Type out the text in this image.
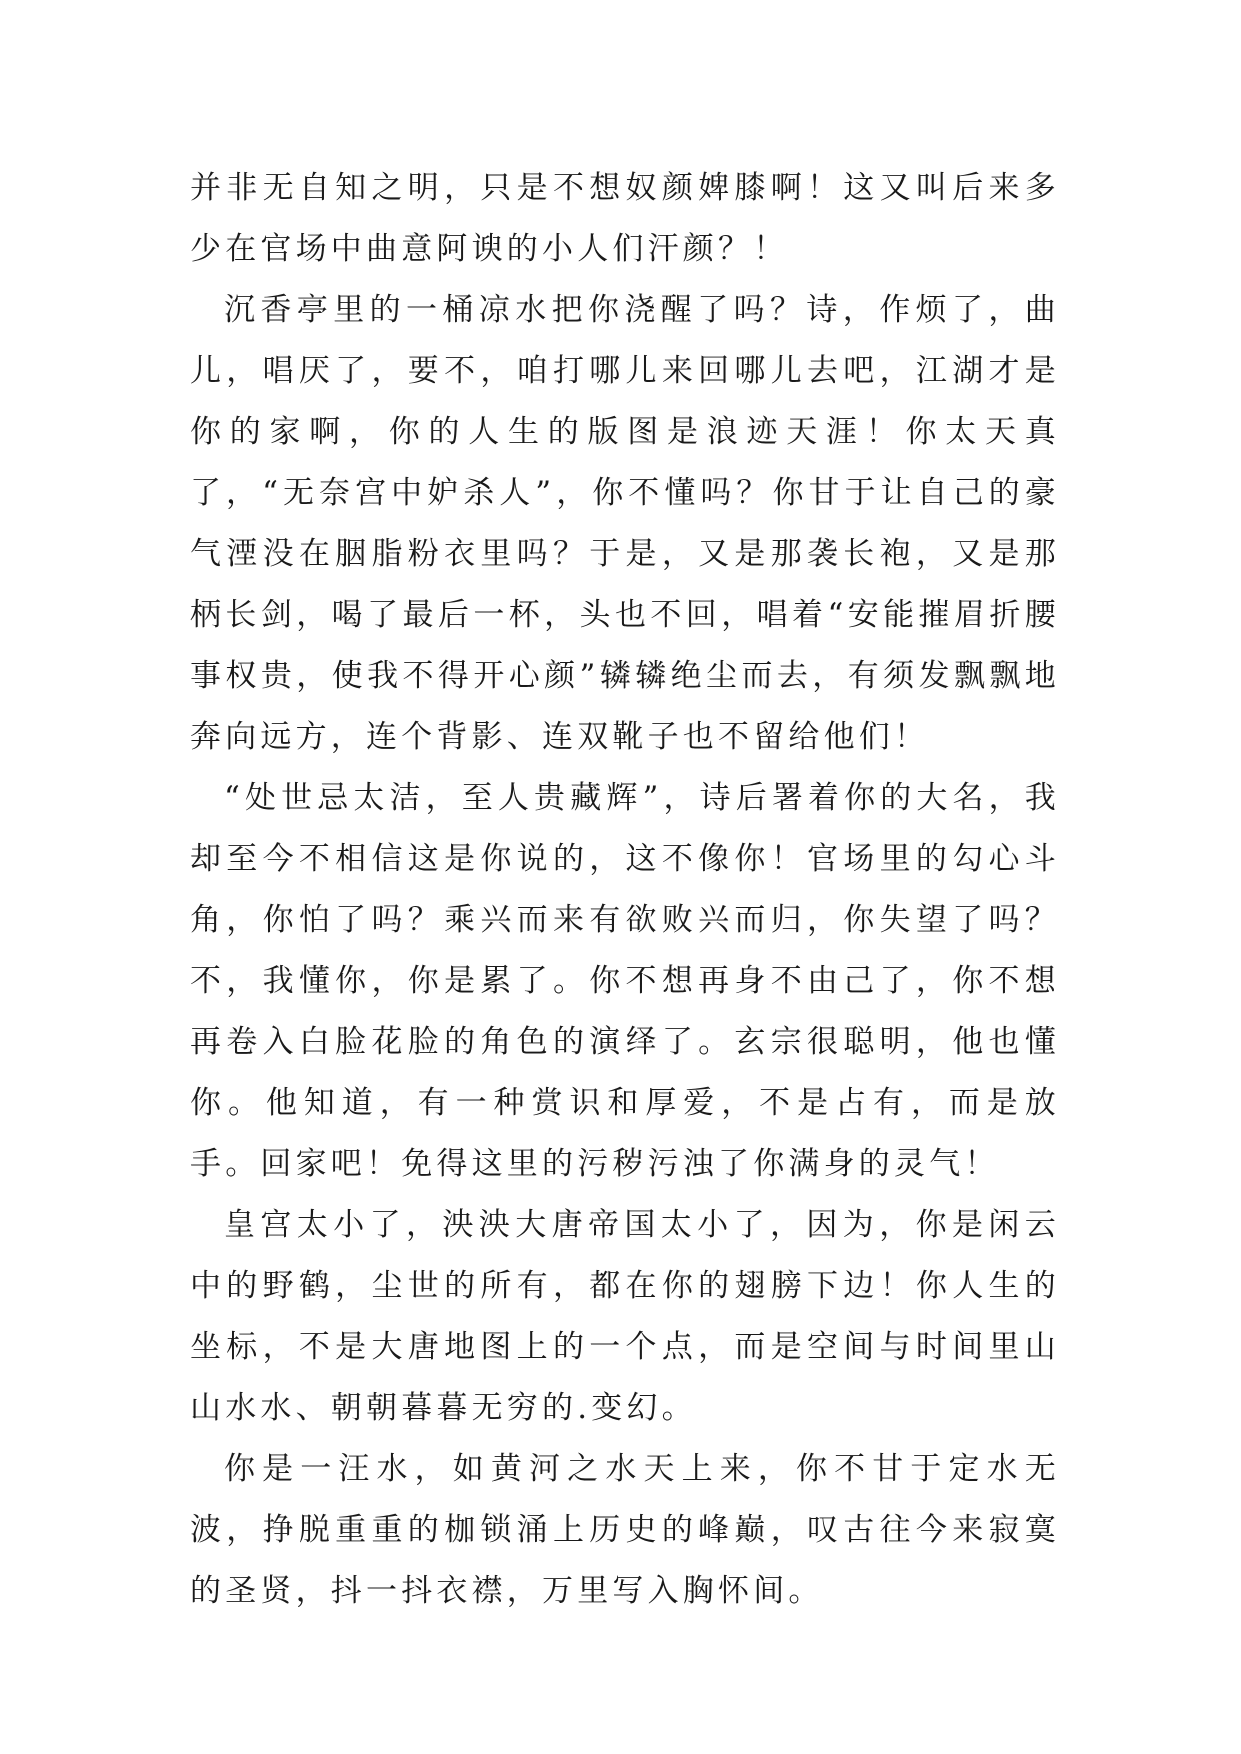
并非无自知之明，只是不想奴颜婢膝啊！这又叫后来多少在官场中曲意阿谀的小人们汗颜？！

沉香亭里的一桶凉水把你浇醒了吗？诗，作烦了，曲儿，唱厌了，要不，咱打哪儿来回哪儿去吧，江湖才是你的家啊，你的人生的版图是浪迹天涯！你太天真了，“无奈宫中妒杀人”，你不懂吗？你甘于让自己的豪气湮没在胭脂粉衣里吗？于是，又是那袭长袍，又是那柄长剑，喝了最后一杯，头也不回，唱着“安能摧眉折腰事权贵，使我不得开心颜”辚辚绝尘而去，有须发飘飘地奔向远方，连个背影、连双靴子也不留给他们！

“处世忌太洁，至人贵藏辉”，诗后署着你的大名，我却至今不相信这是你说的，这不像你！官场里的勾心斗角，你怕了吗？乘兴而来有欲败兴而归，你失望了吗？不，我懂你，你是累了。你不想再身不由己了，你不想再卷入白脸花脸的角色的演绎了。玄宗很聪明，他也懂你。他知道，有一种赏识和厚爱，不是占有，而是放手。回家吧！免得这里的污秽污浊了你满身的灵气！

皇宫太小了，泱泱大唐帝国太小了，因为，你是闲云中的野鹤，尘世的所有，都在你的翅膀下边！你人生的坐标，不是大唐地图上的一个点，而是空间与时间里山山水水、朝朝暮暮无穷的.变幻。

你是一汪水，如黄河之水天上来，你不甘于定水无波，挣脱重重的枷锁涌上历史的峰巅，叹古往今来寂寞的圣贤，抖一抖衣襟，万里写入胸怀间。
